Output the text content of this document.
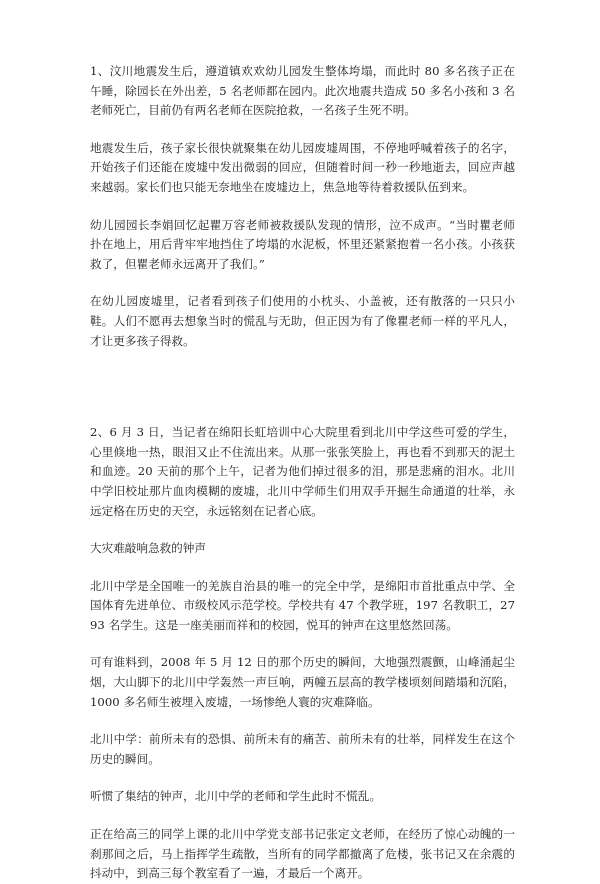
1、汶川地震发生后，遵道镇欢欢幼儿园发生整体垮塌，而此时 80 多名孩子正在午睡，除园长在外出差，5 名老师都在园内。此次地震共造成 50 多名小孩和 3 名老师死亡，目前仍有两名老师在医院抢救，一名孩子生死不明。

地震发生后，孩子家长很快就聚集在幼儿园废墟周围，不停地呼喊着孩子的名字，开始孩子们还能在废墟中发出微弱的回应，但随着时间一秒一秒地逝去，回应声越来越弱。家长们也只能无奈地坐在废墟边上，焦急地等待着救援队伍到来。

幼儿园园长李娟回忆起瞿万容老师被救援队发现的情形，泣不成声。“当时瞿老师扑在地上，用后背牢牢地挡住了垮塌的水泥板，怀里还紧紧抱着一名小孩。小孩获救了，但瞿老师永远离开了我们。”

在幼儿园废墟里，记者看到孩子们使用的小枕头、小盖被，还有散落的一只只小鞋。人们不愿再去想象当时的慌乱与无助，但正因为有了像瞿老师一样的平凡人，才让更多孩子得救。

2、6 月 3 日，当记者在绵阳长虹培训中心大院里看到北川中学这些可爱的学生，心里倏地一热，眼泪又止不住流出来。从那一张张笑脸上，再也看不到那天的泥土和血迹。20 天前的那个上午，记者为他们掉过很多的泪，那是悲痛的泪水。北川中学旧校址那片血肉模糊的废墟，北川中学师生们用双手开掘生命通道的壮举，永远定格在历史的天空，永远铭刻在记者心底。

大灾难敲响急救的钟声

北川中学是全国唯一的羌族自治县的唯一的完全中学，是绵阳市首批重点中学、全国体育先进单位、市级校风示范学校。学校共有 47 个教学班，197 名教职工，2793 名学生。这是一座美丽而祥和的校园，悦耳的钟声在这里悠然回荡。

可有谁料到，2008 年 5 月 12 日的那个历史的瞬间，大地强烈震颤，山峰涌起尘烟，大山脚下的北川中学轰然一声巨响，两幢五层高的教学楼顷刻间踏塌和沉陷，1000 多名师生被埋入废墟，一场惨绝人寰的灾难降临。

北川中学：前所未有的恐惧、前所未有的痛苦、前所未有的壮举，同样发生在这个历史的瞬间。

听惯了集结的钟声，北川中学的老师和学生此时不慌乱。

正在给高三的同学上课的北川中学党支部书记张定文老师，在经历了惊心动魄的一刹那间之后，马上指挥学生疏散，当所有的同学都撤离了危楼，张书记又在余震的抖动中，到高三每个教室看了一遍，才最后一个离开。
